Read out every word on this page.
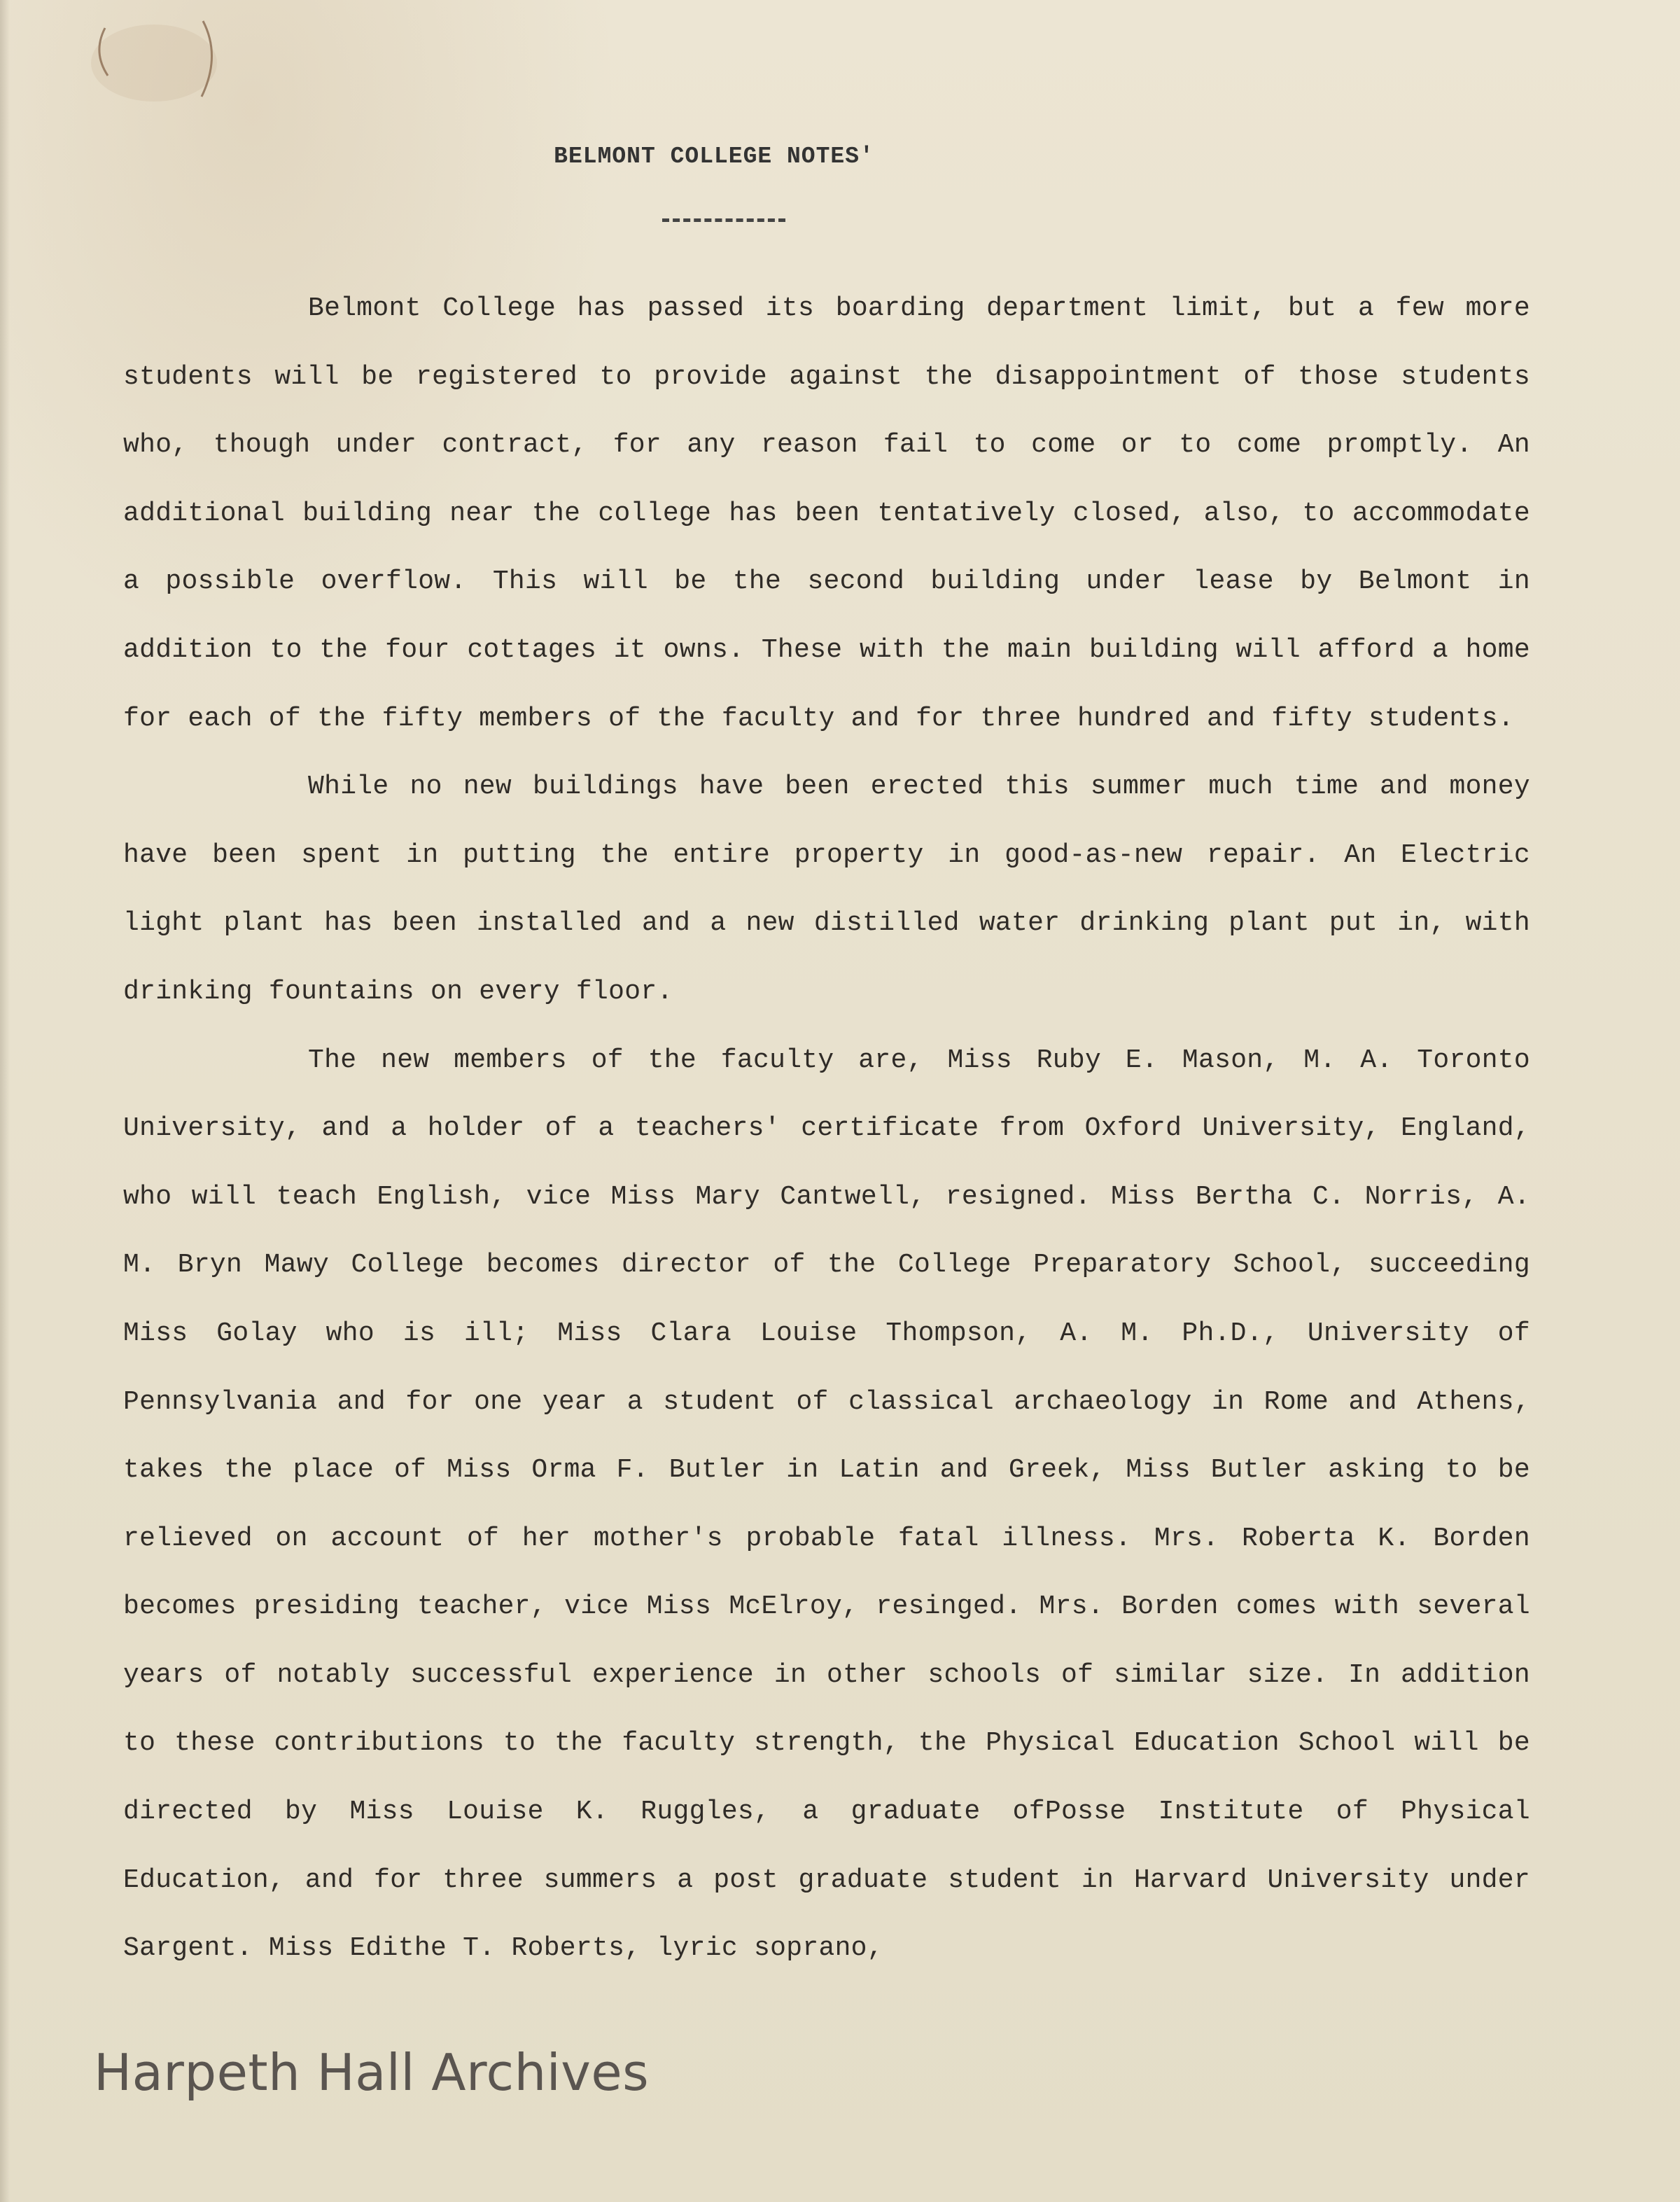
BELMONT COLLEGE NOTES'

Belmont College has passed its boarding department limit, but a few more students will be registered to provide against the disappointment of those students who, though under contract, for any reason fail to come or to come promptly. An additional building near the college has been tentatively closed, also, to accommodate a possible overflow. This will be the second building under lease by Belmont in addition to the four cottages it owns. These with the main building will afford a home for each of the fifty members of the faculty and for three hundred and fifty students.

While no new buildings have been erected this summer much time and money have been spent in putting the entire property in good-as-new repair. An Electric light plant has been installed and a new distilled water drinking plant put in, with drinking fountains on every floor.

The new members of the faculty are, Miss Ruby E. Mason, M. A. Toronto University, and a holder of a teachers' certificate from Oxford University, England, who will teach English, vice Miss Mary Cantwell, resigned. Miss Bertha C. Norris, A. M. Bryn Mawy College becomes director of the College Preparatory School, succeeding Miss Golay who is ill; Miss Clara Louise Thompson, A. M. Ph.D., University of Pennsylvania and for one year a student of classical archaeology in Rome and Athens, takes the place of Miss Orma F. Butler in Latin and Greek, Miss Butler asking to be relieved on account of her mother's probable fatal illness. Mrs. Roberta K. Borden becomes presiding teacher, vice Miss McElroy, resinged. Mrs. Borden comes with several years of notably successful experience in other schools of similar size. In addition to these contributions to the faculty strength, the Physical Education School will be directed by Miss Louise K. Ruggles, a graduate ofPosse Institute of Physical Education, and for three summers a post graduate student in Harvard University under Sargent. Miss Edithe T. Roberts, lyric soprano,

Harpeth Hall Archives
